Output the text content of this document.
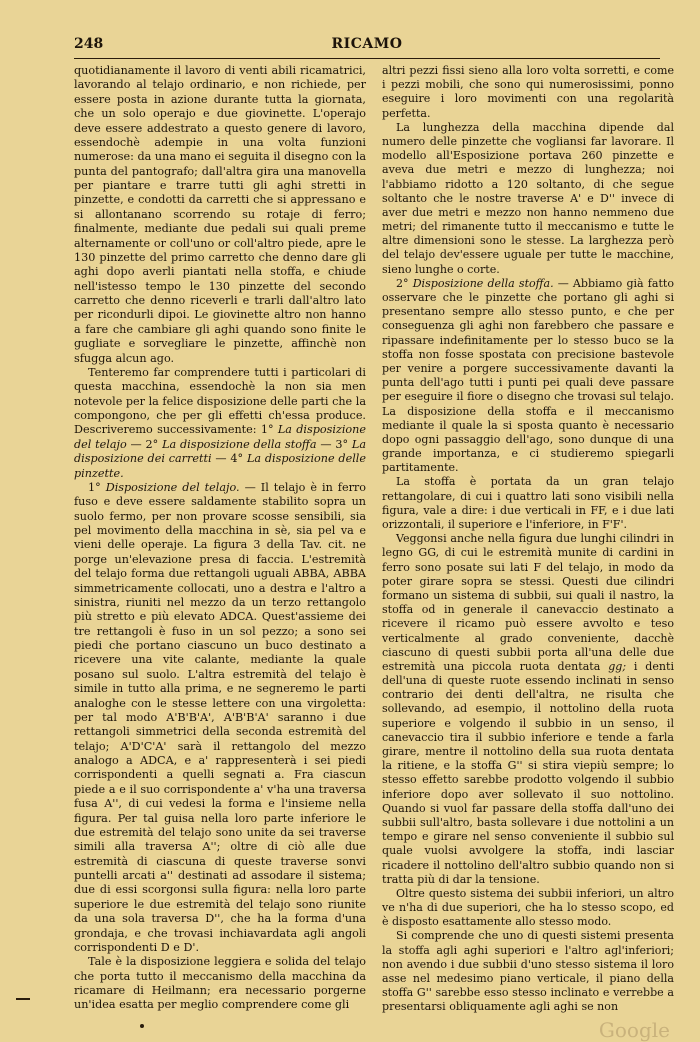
248	RICAMO

quotidianamente il lavoro di venti abili ricamatrici, lavorando al telajo ordinario, e non richiede, per essere posta in azione durante tutta la giornata, che un solo operajo e due giovinette. L'operajo deve essere addestrato a questo genere di lavoro, essendochè adempie in una volta funzioni numerose: da una mano ei seguita il disegno con la punta del pantografo; dall'altra gira una manovella per piantare e trarre tutti gli aghi stretti in pinzette, e condotti da carretti che si appressano e si allontanano scorrendo su rotaje di ferro; finalmente, mediante due pedali sui quali preme alternamente or coll'uno or coll'altro piede, apre le 130 pinzette del primo carretto che denno dare gli aghi dopo averli piantati nella stoffa, e chiude nell'istesso tempo le 130 pinzette del secondo carretto che denno riceverli e trarli dall'altro lato per ricondurli dipoi. Le giovinette altro non hanno a fare che cambiare gli aghi quando sono finite le gugliate e sorvegliare le pinzette, affinchè non sfugga alcun ago.

Tenteremo far comprendere tutti i particolari di questa macchina, essendochè la non sia men notevole per la felice disposizione delle parti che la compongono, che per gli effetti ch'essa produce. Descriveremo successivamente: 1° La disposizione del telajo — 2° La disposizione della stoffa — 3° La disposizione dei carretti — 4° La disposizione delle pinzette.

1° Disposizione del telajo. — Il telajo è in ferro fuso e deve essere saldamente stabilito sopra un suolo fermo, per non provare scosse sensibili, sia pel movimento della macchina in sè, sia pel va e vieni delle operaje. La figura 3 della Tav. cit. ne porge un'elevazione presa di faccia. L'estremità del telajo forma due rettangoli uguali ABBA, ABBA simmetricamente collocati, uno a destra e l'altro a sinistra, riuniti nel mezzo da un terzo rettangolo più stretto e più elevato ADCA. Quest'assieme dei tre rettangoli è fuso in un sol pezzo; a sono sei piedi che portano ciascuno un buco destinato a ricevere una vite calante, mediante la quale posano sul suolo. L'altra estremità del telajo è simile in tutto alla prima, e ne segneremo le parti analoghe con le stesse lettere con una virgoletta: per tal modo A'B'B'A', A'B'B'A' saranno i due rettangoli simmetrici della seconda estremità del telajo; A'D'C'A' sarà il rettangolo del mezzo analogo a ADCA, e a' rappresenterà i sei piedi corrispondenti a quelli segnati a. Fra ciascun piede a e il suo corrispondente a' v'ha una traversa fusa A'', di cui vedesi la forma e l'insieme nella figura. Per tal guisa nella loro parte inferiore le due estremità del telajo sono unite da sei traverse simili alla traversa A''; oltre di ciò alle due estremità di ciascuna di queste traverse sonvi puntelli arcati a'' destinati ad assodare il sistema; due di essi scorgonsi sulla figura: nella loro parte superiore le due estremità del telajo sono riunite da una sola traversa D'', che ha la forma d'una grondaja, e che trovasi inchiavardata agli angoli corrispondenti D e D'.

Tale è la disposizione leggiera e solida del telajo che porta tutto il meccanismo della macchina da ricamare di Heilmann; era necessario porgerne un'idea esatta per meglio comprendere come gli

altri pezzi fissi sieno alla loro volta sorretti, e come i pezzi mobili, che sono qui numerosissimi, ponno eseguire i loro movimenti con una regolarità perfetta.

La lunghezza della macchina dipende dal numero delle pinzette che vogliansi far lavorare. Il modello all'Esposizione portava 260 pinzette e aveva due metri e mezzo di lunghezza; noi l'abbiamo ridotto a 120 soltanto, di che segue soltanto che le nostre traverse A' e D'' invece di aver due metri e mezzo non hanno nemmeno due metri; del rimanente tutto il meccanismo e tutte le altre dimensioni sono le stesse. La larghezza però del telajo dev'essere uguale per tutte le macchine, sieno lunghe o corte.

2° Disposizione della stoffa. — Abbiamo già fatto osservare che le pinzette che portano gli aghi si presentano sempre allo stesso punto, e che per conseguenza gli aghi non farebbero che passare e ripassare indefinitamente per lo stesso buco se la stoffa non fosse spostata con precisione bastevole per venire a porgere successivamente davanti la punta dell'ago tutti i punti pei quali deve passare per eseguire il fiore o disegno che trovasi sul telajo. La disposizione della stoffa e il meccanismo mediante il quale la si sposta quanto è necessario dopo ogni passaggio dell'ago, sono dunque di una grande importanza, e ci studieremo spiegarli partitamente.

La stoffa è portata da un gran telajo rettangolare, di cui i quattro lati sono visibili nella figura, vale a dire: i due verticali in FF, e i due lati orizzontali, il superiore e l'inferiore, in F'F'.

Veggonsi anche nella figura due lunghi cilindri in legno GG, di cui le estremità munite di cardini in ferro sono posate sui lati F del telajo, in modo da poter girare sopra se stessi. Questi due cilindri formano un sistema di subbii, sui quali il nastro, la stoffa od in generale il canevaccio destinato a ricevere il ricamo può essere avvolto e teso verticalmente al grado conveniente, dacchè ciascuno di questi subbii porta all'una delle due estremità una piccola ruota dentata gg; i denti dell'una di queste ruote essendo inclinati in senso contrario dei denti dell'altra, ne risulta che sollevando, ad esempio, il nottolino della ruota superiore e volgendo il subbio in un senso, il canevaccio tira il subbio inferiore e tende a farla girare, mentre il nottolino della sua ruota dentata la ritiene, e la stoffa G'' si stira viepiù sempre; lo stesso effetto sarebbe prodotto volgendo il subbio inferiore dopo aver sollevato il suo nottolino. Quando si vuol far passare della stoffa dall'uno dei subbii sull'altro, basta sollevare i due nottolini a un tempo e girare nel senso conveniente il subbio sul quale vuolsi avvolgere la stoffa, indi lasciar ricadere il nottolino dell'altro subbio quando non si tratta più di dar la tensione.

Oltre questo sistema dei subbii inferiori, un altro ve n'ha di due superiori, che ha lo stesso scopo, ed è disposto esattamente allo stesso modo.

Si comprende che uno di questi sistemi presenta la stoffa agli aghi superiori e l'altro agl'inferiori; non avendo i due subbii d'uno stesso sistema il loro asse nel medesimo piano verticale, il piano della stoffa G'' sarebbe esso stesso inclinato e verrebbe a presentarsi obliquamente agli aghi se non

Google
